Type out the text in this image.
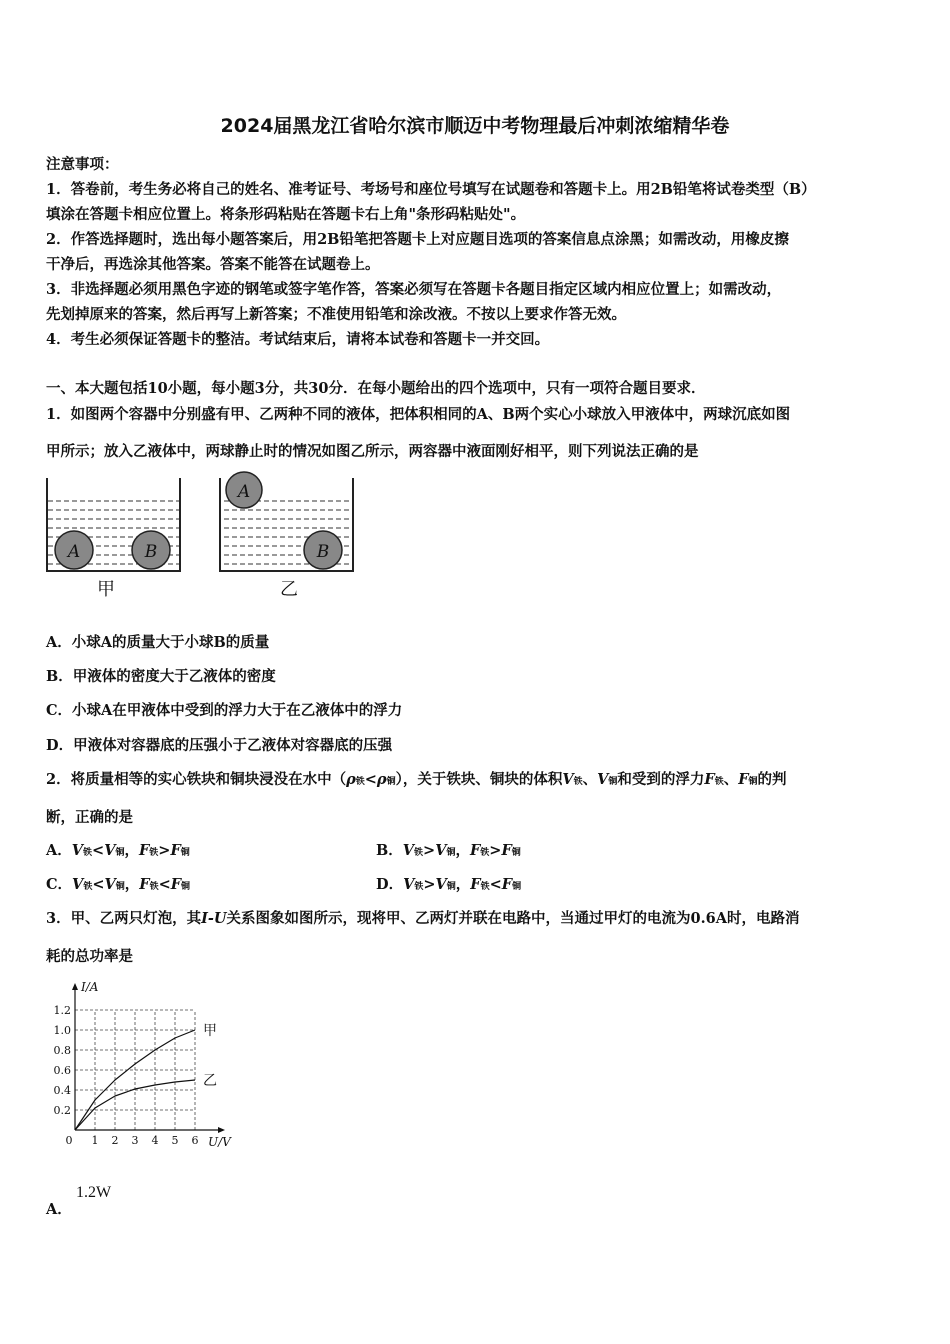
2024届黑龙江省哈尔滨市顺迈中考物理最后冲刺浓缩精华卷
注意事项：
1．答卷前，考生务必将自己的姓名、准考证号、考场号和座位号填写在试题卷和答题卡上。用2B铅笔将试卷类型（B）
填涂在答题卡相应位置上。将条形码粘贴在答题卡右上角"条形码粘贴处"。
2．作答选择题时，选出每小题答案后，用2B铅笔把答题卡上对应题目选项的答案信息点涂黑；如需改动，用橡皮擦
干净后，再选涂其他答案。答案不能答在试题卷上。
3．非选择题必须用黑色字迹的钢笔或签字笔作答，答案必须写在答题卡各题目指定区域内相应位置上；如需改动，
先划掉原来的答案，然后再写上新答案；不准使用铅笔和涂改液。不按以上要求作答无效。
4．考生必须保证答题卡的整洁。考试结束后，请将本试卷和答题卡一并交回。
一、本大题包括10小题，每小题3分，共30分．在每小题给出的四个选项中，只有一项符合题目要求．
1．如图两个容器中分别盛有甲、乙两种不同的液体，把体积相同的A、B两个实心小球放入甲液体中，两球沉底如图
甲所示；放入乙液体中，两球静止时的情况如图乙所示，两容器中液面刚好相平，则下列说法正确的是
A	B
甲
A
B
乙
A．小球A的质量大于小球B的质量
B．甲液体的密度大于乙液体的密度
C．小球A在甲液体中受到的浮力大于在乙液体中的浮力
D．甲液体对容器底的压强小于乙液体对容器底的压强
2．将质量相等的实心铁块和铜块浸没在水中（ρ铁<ρ铜），关于铁块、铜块的体积V铁、V铜和受到的浮力F铁、F铜的判
断，正确的是
A．V铁<V铜，F铁>F铜	B．V铁>V铜，F铁>F铜
C．V铁<V铜，F铁<F铜	D．V铁>V铜，F铁<F铜
3．甲、乙两只灯泡，其I-U关系图象如图所示，现将甲、乙两灯并联在电路中，当通过甲灯的电流为0.6A时，电路消
耗的总功率是
甲
乙
0 1 2 3 4 5 6
0.2
0.4
0.6
0.8
1.0
1.2
U/V
I/A
1.2W
A．
